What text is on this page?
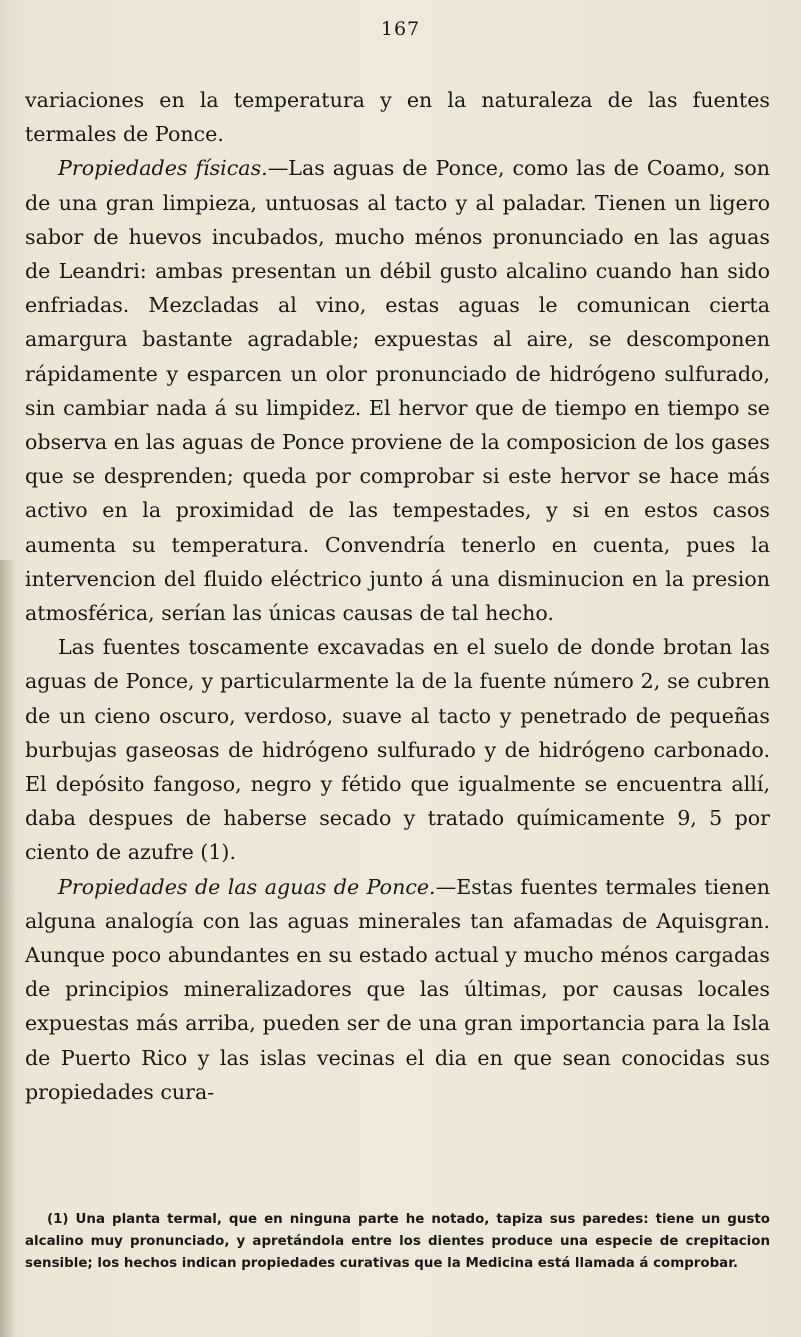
167

variaciones en la temperatura y en la naturaleza de las fuentes termales de Ponce.

Propiedades físicas.—Las aguas de Ponce, como las de Coamo, son de una gran limpieza, untuosas al tacto y al paladar. Tienen un ligero sabor de huevos incubados, mucho ménos pronunciado en las aguas de Leandri: ambas presentan un débil gusto alcalino cuando han sido enfriadas. Mezcladas al vino, estas aguas le comunican cierta amargura bastante agradable; expuestas al aire, se descomponen rápidamente y esparcen un olor pronunciado de hidrógeno sulfurado, sin cambiar nada á su limpidez. El hervor que de tiempo en tiempo se observa en las aguas de Ponce proviene de la composicion de los gases que se desprenden; queda por comprobar si este hervor se hace más activo en la proximidad de las tempestades, y si en estos casos aumenta su temperatura. Convendría tenerlo en cuenta, pues la intervencion del fluido eléctrico junto á una disminucion en la presion atmosférica, serían las únicas causas de tal hecho.

Las fuentes toscamente excavadas en el suelo de donde brotan las aguas de Ponce, y particularmente la de la fuente número 2, se cubren de un cieno oscuro, verdoso, suave al tacto y penetrado de pequeñas burbujas gaseosas de hidrógeno sulfurado y de hidrógeno carbonado. El depósito fangoso, negro y fétido que igualmente se encuentra allí, daba despues de haberse secado y tratado químicamente 9, 5 por ciento de azufre (1).

Propiedades de las aguas de Ponce.—Estas fuentes termales tienen alguna analogía con las aguas minerales tan afamadas de Aquisgran. Aunque poco abundantes en su estado actual y mucho ménos cargadas de principios mineralizadores que las últimas, por causas locales expuestas más arriba, pueden ser de una gran importancia para la Isla de Puerto Rico y las islas vecinas el dia en que sean conocidas sus propiedades cura-

(1) Una planta termal, que en ninguna parte he notado, tapiza sus paredes: tiene un gusto alcalino muy pronunciado, y apretándola entre los dientes produce una especie de crepitacion sensible; los hechos indican propiedades curativas que la Medicina está llamada á comprobar.
